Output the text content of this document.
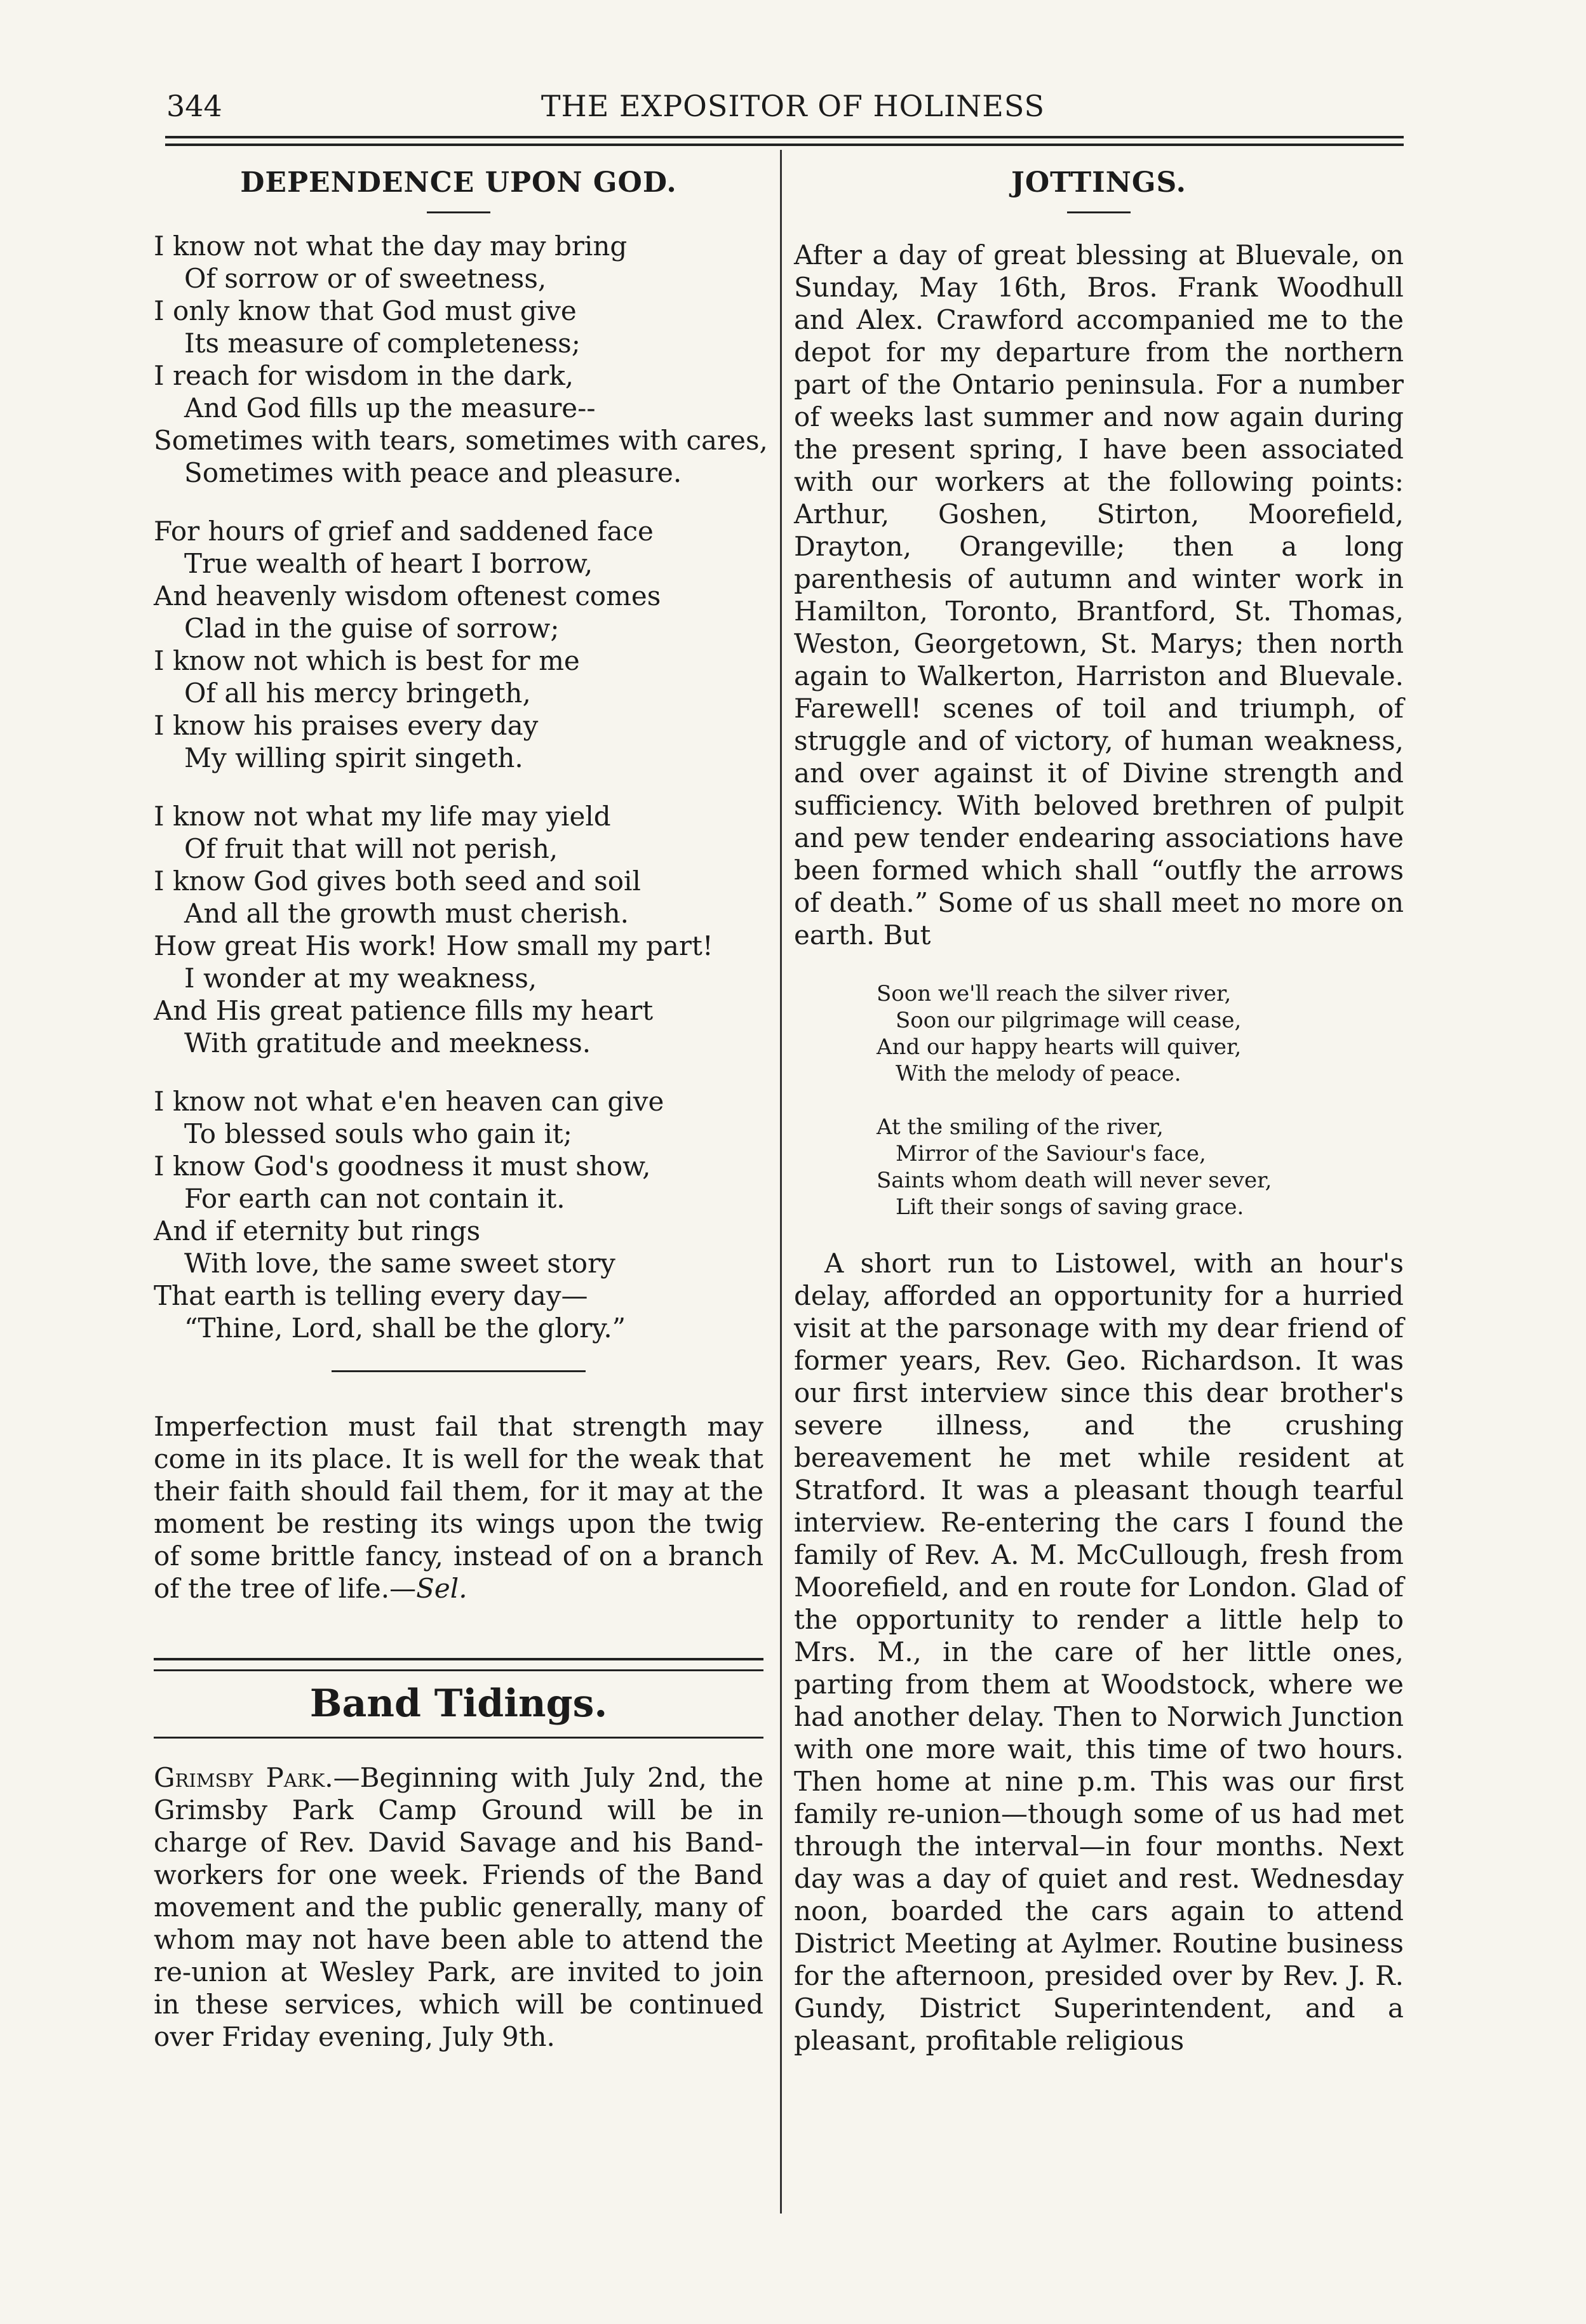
344	THE EXPOSITOR OF HOLINESS
DEPENDENCE UPON GOD.
I know not what the day may bring
Of sorrow or of sweetness,
I only know that God must give
Its measure of completeness;
I reach for wisdom in the dark,
And God fills up the measure--
Sometimes with tears, sometimes with cares,
Sometimes with peace and pleasure.
For hours of grief and saddened face
True wealth of heart I borrow,
And heavenly wisdom oftenest comes
Clad in the guise of sorrow;
I know not which is best for me
Of all his mercy bringeth,
I know his praises every day
My willing spirit singeth.
I know not what my life may yield
Of fruit that will not perish,
I know God gives both seed and soil
And all the growth must cherish.
How great His work! How small my part!
I wonder at my weakness,
And His great patience fills my heart
With gratitude and meekness.
I know not what e'en heaven can give
To blessed souls who gain it;
I know God's goodness it must show,
For earth can not contain it.
And if eternity but rings
With love, the same sweet story
That earth is telling every day—
“Thine, Lord, shall be the glory.”

Imperfection must fail that strength may come in its place. It is well for the weak that their faith should fail them, for it may at the moment be resting its wings upon the twig of some brittle fancy, instead of on a branch of the tree of life.—Sel.

Band Tidings.

Grimsby Park.—Beginning with July 2nd, the Grimsby Park Camp Ground will be in charge of Rev. David Savage and his Band-workers for one week. Friends of the Band movement and the public generally, many of whom may not have been able to attend the re-union at Wesley Park, are invited to join in these services, which will be continued over Friday evening, July 9th.

JOTTINGS.

After a day of great blessing at Bluevale, on Sunday, May 16th, Bros. Frank Woodhull and Alex. Crawford accompanied me to the depot for my departure from the northern part of the Ontario peninsula. For a number of weeks last summer and now again during the present spring, I have been associated with our workers at the following points: Arthur, Goshen, Stirton, Moorefield, Drayton, Orangeville; then a long parenthesis of autumn and winter work in Hamilton, Toronto, Brantford, St. Thomas, Weston, Georgetown, St. Marys; then north again to Walkerton, Harriston and Bluevale. Farewell! scenes of toil and triumph, of struggle and of victory, of human weakness, and over against it of Divine strength and sufficiency. With beloved brethren of pulpit and pew tender endearing associations have been formed which shall “outfly the arrows of death.” Some of us shall meet no more on earth. But

Soon we'll reach the silver river,
Soon our pilgrimage will cease,
And our happy hearts will quiver,
With the melody of peace.
At the smiling of the river,
Mirror of the Saviour's face,
Saints whom death will never sever,
Lift their songs of saving grace.

A short run to Listowel, with an hour's delay, afforded an opportunity for a hurried visit at the parsonage with my dear friend of former years, Rev. Geo. Richardson. It was our first interview since this dear brother's severe illness, and the crushing bereavement he met while resident at Stratford. It was a pleasant though tearful interview. Re-entering the cars I found the family of Rev. A. M. McCullough, fresh from Moorefield, and en route for London. Glad of the opportunity to render a little help to Mrs. M., in the care of her little ones, parting from them at Woodstock, where we had another delay. Then to Norwich Junction with one more wait, this time of two hours. Then home at nine p.m. This was our first family re-union—though some of us had met through the interval—in four months. Next day was a day of quiet and rest. Wednesday noon, boarded the cars again to attend District Meeting at Aylmer. Routine business for the afternoon, presided over by Rev. J. R. Gundy, District Superintendent, and a pleasant, profitable religious
